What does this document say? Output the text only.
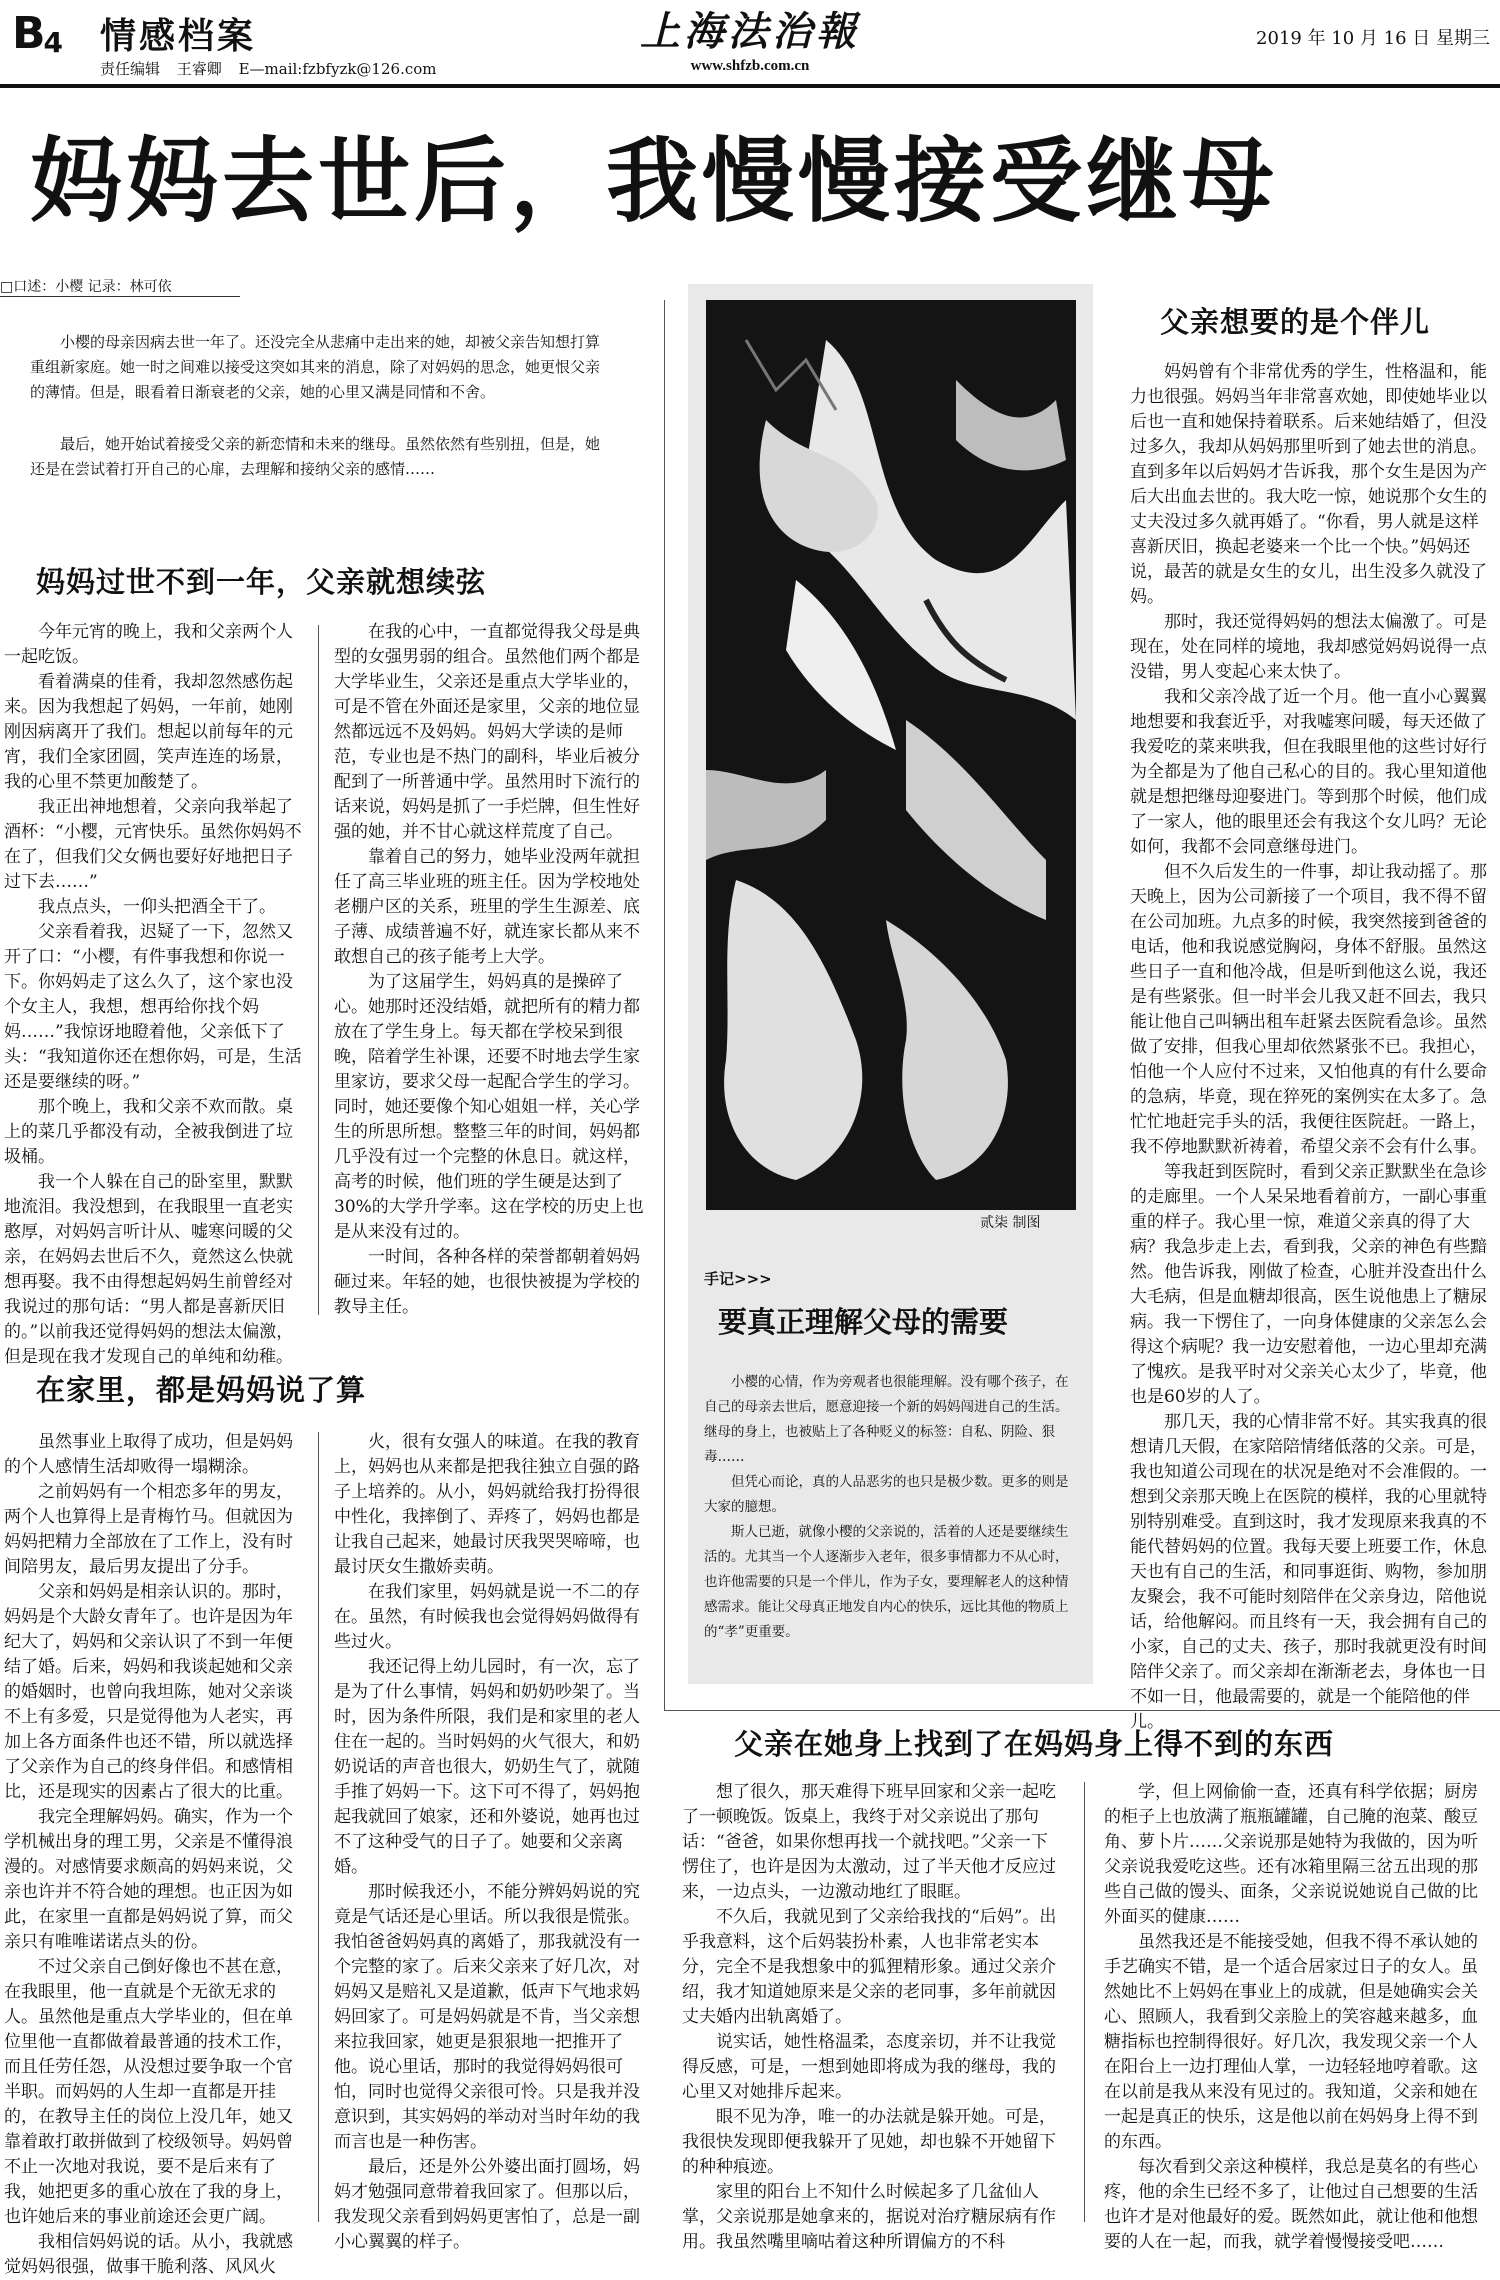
B4 情感档案
责任编辑 王睿卿 E—mail:fzbfyzk@126.com
上海法治報
www.shfzb.com.cn
2019 年 10 月 16 日 星期三
妈妈去世后，我慢慢接受继母
□口述：小樱 记录：林可依

小樱的母亲因病去世一年了。还没完全从悲痛中走出来的她，却被父亲告知想打算重组新家庭。她一时之间难以接受这突如其来的消息，除了对妈妈的思念，她更恨父亲的薄情。但是，眼看着日渐衰老的父亲，她的心里又满是同情和不舍。

最后，她开始试着接受父亲的新恋情和未来的继母。虽然依然有些别扭，但是，她还是在尝试着打开自己的心扉，去理解和接纳父亲的感情……

妈妈过世不到一年，父亲就想续弦

今年元宵的晚上，我和父亲两个人一起吃饭。

看着满桌的佳肴，我却忽然感伤起来。因为我想起了妈妈，一年前，她刚刚因病离开了我们。想起以前每年的元宵，我们全家团圆，笑声连连的场景，我的心里不禁更加酸楚了。

我正出神地想着，父亲向我举起了酒杯：“小樱，元宵快乐。虽然你妈妈不在了，但我们父女俩也要好好地把日子过下去……”

我点点头，一仰头把酒全干了。

父亲看着我，迟疑了一下，忽然又开了口：“小樱，有件事我想和你说一下。你妈妈走了这么久了，这个家也没个女主人，我想，想再给你找个妈妈……”我惊讶地瞪着他，父亲低下了头：“我知道你还在想你妈，可是，生活还是要继续的呀。”

那个晚上，我和父亲不欢而散。桌上的菜几乎都没有动，全被我倒进了垃圾桶。

我一个人躲在自己的卧室里，默默地流泪。我没想到，在我眼里一直老实憨厚，对妈妈言听计从、嘘寒问暖的父亲，在妈妈去世后不久，竟然这么快就想再娶。我不由得想起妈妈生前曾经对我说过的那句话：“男人都是喜新厌旧的。”以前我还觉得妈妈的想法太偏激，但是现在我才发现自己的单纯和幼稚。

在我的心中，一直都觉得我父母是典型的女强男弱的组合。虽然他们两个都是大学毕业生，父亲还是重点大学毕业的，可是不管在外面还是家里，父亲的地位显然都远远不及妈妈。妈妈大学读的是师范，专业也是不热门的副科，毕业后被分配到了一所普通中学。虽然用时下流行的话来说，妈妈是抓了一手烂牌，但生性好强的她，并不甘心就这样荒度了自己。

靠着自己的努力，她毕业没两年就担任了高三毕业班的班主任。因为学校地处老棚户区的关系，班里的学生生源差、底子薄、成绩普遍不好，就连家长都从来不敢想自己的孩子能考上大学。

为了这届学生，妈妈真的是操碎了心。她那时还没结婚，就把所有的精力都放在了学生身上。每天都在学校呆到很晚，陪着学生补课，还要不时地去学生家里家访，要求父母一起配合学生的学习。同时，她还要像个知心姐姐一样，关心学生的所思所想。整整三年的时间，妈妈都几乎没有过一个完整的休息日。就这样，高考的时候，他们班的学生硬是达到了30%的大学升学率。这在学校的历史上也是从来没有过的。

一时间，各种各样的荣誉都朝着妈妈砸过来。年轻的她，也很快被提为学校的教导主任。

在家里，都是妈妈说了算

虽然事业上取得了成功，但是妈妈的个人感情生活却败得一塌糊涂。

之前妈妈有一个相恋多年的男友，两个人也算得上是青梅竹马。但就因为妈妈把精力全部放在了工作上，没有时间陪男友，最后男友提出了分手。

父亲和妈妈是相亲认识的。那时，妈妈是个大龄女青年了。也许是因为年纪大了，妈妈和父亲认识了不到一年便结了婚。后来，妈妈和我谈起她和父亲的婚姻时，也曾向我坦陈，她对父亲谈不上有多爱，只是觉得他为人老实，再加上各方面条件也还不错，所以就选择了父亲作为自己的终身伴侣。和感情相比，还是现实的因素占了很大的比重。

我完全理解妈妈。确实，作为一个学机械出身的理工男，父亲是不懂得浪漫的。对感情要求颇高的妈妈来说，父亲也许并不符合她的理想。也正因为如此，在家里一直都是妈妈说了算，而父亲只有唯唯诺诺点头的份。

不过父亲自己倒好像也不甚在意，在我眼里，他一直就是个无欲无求的人。虽然他是重点大学毕业的，但在单位里他一直都做着最普通的技术工作，而且任劳任怨，从没想过要争取一个官半职。而妈妈的人生却一直都是开挂的，在教导主任的岗位上没几年，她又靠着敢打敢拼做到了校级领导。妈妈曾不止一次地对我说，要不是后来有了我，她把更多的重心放在了我的身上，也许她后来的事业前途还会更广阔。

我相信妈妈说的话。从小，我就感觉妈妈很强，做事干脆利落、风风火

火，很有女强人的味道。在我的教育上，妈妈也从来都是把我往独立自强的路子上培养的。从小，妈妈就给我打扮得很中性化，我摔倒了、弄疼了，妈妈也都是让我自己起来，她最讨厌我哭哭啼啼，也最讨厌女生撒娇卖萌。

在我们家里，妈妈就是说一不二的存在。虽然，有时候我也会觉得妈妈做得有些过火。

我还记得上幼儿园时，有一次，忘了是为了什么事情，妈妈和奶奶吵架了。当时，因为条件所限，我们是和家里的老人住在一起的。当时妈妈的火气很大，和奶奶说话的声音也很大，奶奶生气了，就随手推了妈妈一下。这下可不得了，妈妈抱起我就回了娘家，还和外婆说，她再也过不了这种受气的日子了。她要和父亲离婚。

那时候我还小，不能分辨妈妈说的究竟是气话还是心里话。所以我很是慌张。我怕爸爸妈妈真的离婚了，那我就没有一个完整的家了。后来父亲来了好几次，对妈妈又是赔礼又是道歉，低声下气地求妈妈回家了。可是妈妈就是不肯，当父亲想来拉我回家，她更是狠狠地一把推开了他。说心里话，那时的我觉得妈妈很可怕，同时也觉得父亲很可怜。只是我并没意识到，其实妈妈的举动对当时年幼的我而言也是一种伤害。

最后，还是外公外婆出面打圆场，妈妈才勉强同意带着我回家了。但那以后，我发现父亲看到妈妈更害怕了，总是一副小心翼翼的样子。

贰柒 制图
手记>>>
要真正理解父母的需要

小樱的心情，作为旁观者也很能理解。没有哪个孩子，在自己的母亲去世后，愿意迎接一个新的妈妈闯进自己的生活。继母的身上，也被贴上了各种贬义的标签：自私、阴险、狠毒……

但凭心而论，真的人品恶劣的也只是极少数。更多的则是大家的臆想。

斯人已逝，就像小樱的父亲说的，活着的人还是要继续生活的。尤其当一个人逐渐步入老年，很多事情都力不从心时，也许他需要的只是一个伴儿，作为子女，要理解老人的这种情感需求。能让父母真正地发自内心的快乐，远比其他的物质上的“孝”更重要。

父亲想要的是个伴儿

妈妈曾有个非常优秀的学生，性格温和，能力也很强。妈妈当年非常喜欢她，即使她毕业以后也一直和她保持着联系。后来她结婚了，但没过多久，我却从妈妈那里听到了她去世的消息。直到多年以后妈妈才告诉我，那个女生是因为产后大出血去世的。我大吃一惊，她说那个女生的丈夫没过多久就再婚了。“你看，男人就是这样喜新厌旧，换起老婆来一个比一个快。”妈妈还说，最苦的就是女生的女儿，出生没多久就没了妈。

那时，我还觉得妈妈的想法太偏激了。可是现在，处在同样的境地，我却感觉妈妈说得一点没错，男人变起心来太快了。

我和父亲冷战了近一个月。他一直小心翼翼地想要和我套近乎，对我嘘寒问暖，每天还做了我爱吃的菜来哄我，但在我眼里他的这些讨好行为全都是为了他自己私心的目的。我心里知道他就是想把继母迎娶进门。等到那个时候，他们成了一家人，他的眼里还会有我这个女儿吗？无论如何，我都不会同意继母进门。

但不久后发生的一件事，却让我动摇了。那天晚上，因为公司新接了一个项目，我不得不留在公司加班。九点多的时候，我突然接到爸爸的电话，他和我说感觉胸闷，身体不舒服。虽然这些日子一直和他冷战，但是听到他这么说，我还是有些紧张。但一时半会儿我又赶不回去，我只能让他自己叫辆出租车赶紧去医院看急诊。虽然做了安排，但我心里却依然紧张不已。我担心，怕他一个人应付不过来，又怕他真的有什么要命的急病，毕竟，现在猝死的案例实在太多了。急忙忙地赶完手头的活，我便往医院赶。一路上，我不停地默默祈祷着，希望父亲不会有什么事。

等我赶到医院时，看到父亲正默默坐在急诊的走廊里。一个人呆呆地看着前方，一副心事重重的样子。我心里一惊，难道父亲真的得了大病？我急步走上去，看到我，父亲的神色有些黯然。他告诉我，刚做了检查，心脏并没查出什么大毛病，但是血糖却很高，医生说他患上了糖尿病。我一下愣住了，一向身体健康的父亲怎么会得这个病呢？我一边安慰着他，一边心里却充满了愧疚。是我平时对父亲关心太少了，毕竟，他也是60岁的人了。

那几天，我的心情非常不好。其实我真的很想请几天假，在家陪陪情绪低落的父亲。可是，我也知道公司现在的状况是绝对不会准假的。一想到父亲那天晚上在医院的模样，我的心里就特别特别难受。直到这时，我才发现原来我真的不能代替妈妈的位置。我每天要上班要工作，休息天也有自己的生活，和同事逛街、购物，参加朋友聚会，我不可能时刻陪伴在父亲身边，陪他说话，给他解闷。而且终有一天，我会拥有自己的小家，自己的丈夫、孩子，那时我就更没有时间陪伴父亲了。而父亲却在渐渐老去，身体也一日不如一日，他最需要的，就是一个能陪他的伴儿。

父亲在她身上找到了在妈妈身上得不到的东西

想了很久，那天难得下班早回家和父亲一起吃了一顿晚饭。饭桌上，我终于对父亲说出了那句话：“爸爸，如果你想再找一个就找吧。”父亲一下愣住了，也许是因为太激动，过了半天他才反应过来，一边点头，一边激动地红了眼眶。

不久后，我就见到了父亲给我找的“后妈”。出乎我意料，这个后妈装扮朴素，人也非常老实本分，完全不是我想象中的狐狸精形象。通过父亲介绍，我才知道她原来是父亲的老同事，多年前就因丈夫婚内出轨离婚了。

说实话，她性格温柔，态度亲切，并不让我觉得反感，可是，一想到她即将成为我的继母，我的心里又对她排斥起来。

眼不见为净，唯一的办法就是躲开她。可是，我很快发现即便我躲开了见她，却也躲不开她留下的种种痕迹。

家里的阳台上不知什么时候起多了几盆仙人掌，父亲说那是她拿来的，据说对治疗糖尿病有作用。我虽然嘴里嘀咕着这种所谓偏方的不科

学，但上网偷偷一查，还真有科学依据；厨房的柜子上也放满了瓶瓶罐罐，自己腌的泡菜、酸豆角、萝卜片……父亲说那是她特为我做的，因为听父亲说我爱吃这些。还有冰箱里隔三岔五出现的那些自己做的馒头、面条，父亲说说她说自己做的比外面买的健康……

虽然我还是不能接受她，但我不得不承认她的手艺确实不错，是一个适合居家过日子的女人。虽然她比不上妈妈在事业上的成就，但是她确实会关心、照顾人，我看到父亲脸上的笑容越来越多，血糖指标也控制得很好。好几次，我发现父亲一个人在阳台上一边打理仙人掌，一边轻轻地哼着歌。这在以前是我从来没有见过的。我知道，父亲和她在一起是真正的快乐，这是他以前在妈妈身上得不到的东西。

每次看到父亲这种模样，我总是莫名的有些心疼，他的余生已经不多了，让他过自己想要的生活也许才是对他最好的爱。既然如此，就让他和他想要的人在一起，而我，就学着慢慢接受吧……
